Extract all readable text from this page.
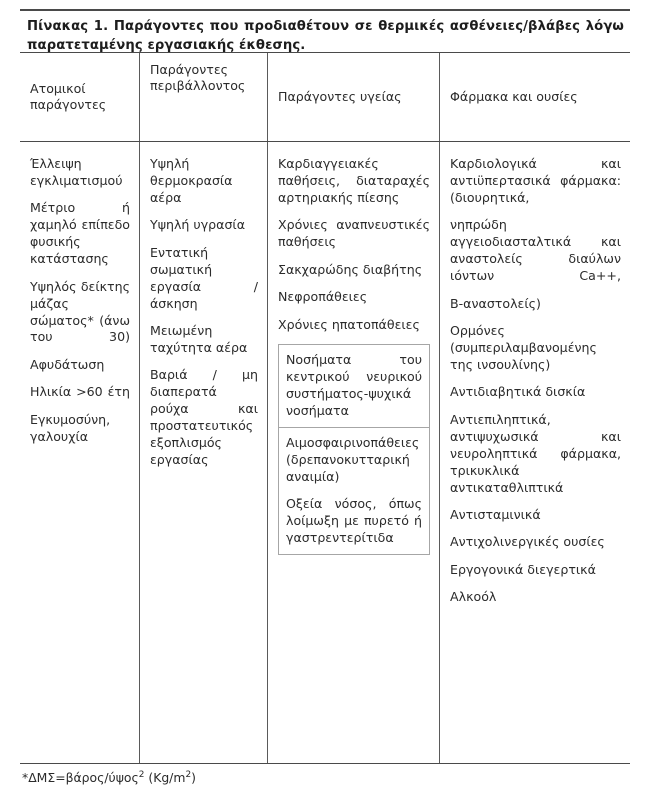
Πίνακας 1. Παράγοντες που προδιαθέτουν σε θερμικές ασθένειες/βλάβες λόγω παρατεταμένης εργασιακής έκθεσης.
Ατομικοί παράγοντες
Παράγοντες περιβάλλοντος
Παράγοντες υγείας	Φάρμακα και ουσίες
Έλλειψη εγκλιματισμού
Μέτριο ή χαμηλό επίπεδο φυσικής κατάστασης
Υψηλός δείκτης μάζας σώματος* (άνω του 30)
Αφυδάτωση
Ηλικία >60 έτη
Εγκυμοσύνη, γαλουχία
Υψηλή θερμοκρασία αέρα
Υψηλή υγρασία
Εντατική σωματική εργασία / άσκηση
Μειωμένη ταχύτητα αέρα
Βαριά / μη διαπερατά ρούχα και προστατευτικός εξοπλισμός εργασίας
Καρδιαγγειακές παθήσεις, διαταραχές αρτηριακής πίεσης
Χρόνιες αναπνευστικές παθήσεις
Σακχαρώδης διαβήτης
Νεφροπάθειες
Χρόνιες ηπατοπάθειες
Νοσήματα του κεντρικού νευρικού συστήματος-ψυχικά νοσήματα
Αιμοσφαιρινοπάθειες (δρεπανοκυτταρική αναιμία)
Οξεία νόσος, όπως λοίμωξη με πυρετό ή γαστρεντερίτιδα
Καρδιολογικά και αντιϋπερτασικά φάρμακα: (διουρητικά,
νηπρώδη αγγειοδιασταλτικά και αναστολείς διαύλων ιόντων Ca++,
Β-αναστολείς)
Ορμόνες (συμπεριλαμβανομένης της ινσουλίνης)
Αντιδιαβητικά δισκία
Αντιεπιληπτικά, αντιψυχωσικά και νευροληπτικά φάρμακα, τρικυκλικά αντικαταθλιπτικά
Αντισταμινικά
Αντιχολινεργικές ουσίες
Εργογονικά διεγερτικά
Αλκοόλ
*ΔΜΣ=βάρος/ύψος$^2$ $(Kg/m^2)$
